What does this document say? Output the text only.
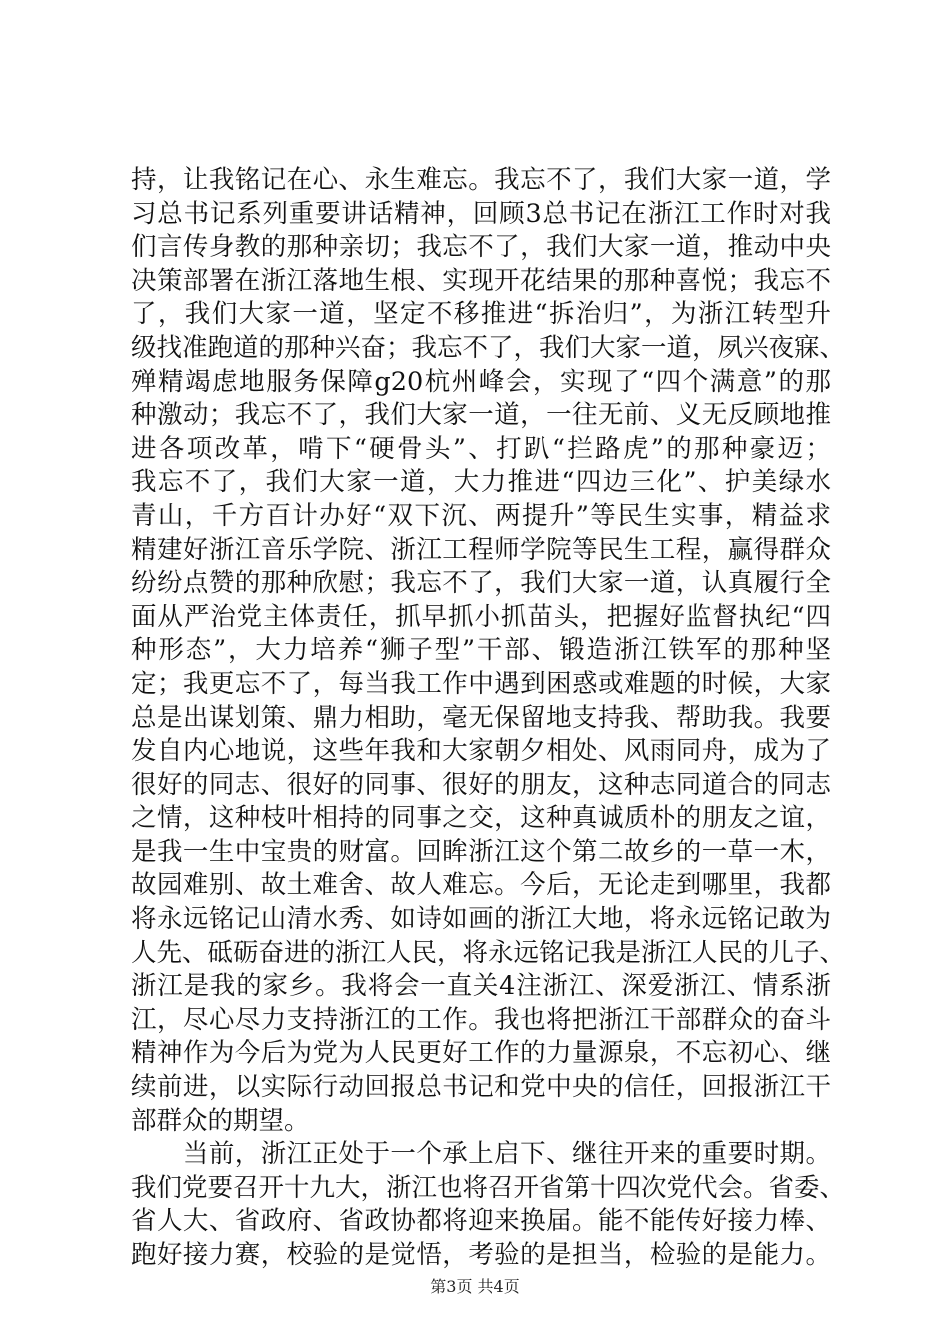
持，让我铭记在心、永生难忘。我忘不了，我们大家一道，学
习总书记系列重要讲话精神，回顾3总书记在浙江工作时对我
们言传身教的那种亲切；我忘不了，我们大家一道，推动中央
决策部署在浙江落地生根、实现开花结果的那种喜悦；我忘不
了，我们大家一道，坚定不移推进“拆治归”，为浙江转型升
级找准跑道的那种兴奋；我忘不了，我们大家一道，夙兴夜寐、
殚精竭虑地服务保障g20杭州峰会，实现了“四个满意”的那
种激动；我忘不了，我们大家一道，一往无前、义无反顾地推
进各项改革，啃下“硬骨头”、打趴“拦路虎”的那种豪迈；
我忘不了，我们大家一道，大力推进“四边三化”、护美绿水
青山，千方百计办好“双下沉、两提升”等民生实事，精益求
精建好浙江音乐学院、浙江工程师学院等民生工程，赢得群众
纷纷点赞的那种欣慰；我忘不了，我们大家一道，认真履行全
面从严治党主体责任，抓早抓小抓苗头，把握好监督执纪“四
种形态”，大力培养“狮子型”干部、锻造浙江铁军的那种坚
定；我更忘不了，每当我工作中遇到困惑或难题的时候，大家
总是出谋划策、鼎力相助，毫无保留地支持我、帮助我。我要
发自内心地说，这些年我和大家朝夕相处、风雨同舟，成为了
很好的同志、很好的同事、很好的朋友，这种志同道合的同志
之情，这种枝叶相持的同事之交，这种真诚质朴的朋友之谊，
是我一生中宝贵的财富。回眸浙江这个第二故乡的一草一木，
故园难别、故土难舍、故人难忘。今后，无论走到哪里，我都
将永远铭记山清水秀、如诗如画的浙江大地，将永远铭记敢为
人先、砥砺奋进的浙江人民，将永远铭记我是浙江人民的儿子、
浙江是我的家乡。我将会一直关4注浙江、深爱浙江、情系浙
江，尽心尽力支持浙江的工作。我也将把浙江干部群众的奋斗
精神作为今后为党为人民更好工作的力量源泉，不忘初心、继
续前进，以实际行动回报总书记和党中央的信任，回报浙江干
部群众的期望。
　　当前，浙江正处于一个承上启下、继往开来的重要时期。
我们党要召开十九大，浙江也将召开省第十四次党代会。省委、
省人大、省政府、省政协都将迎来换届。能不能传好接力棒、
跑好接力赛，校验的是觉悟，考验的是担当，检验的是能力。
第3页 共4页
